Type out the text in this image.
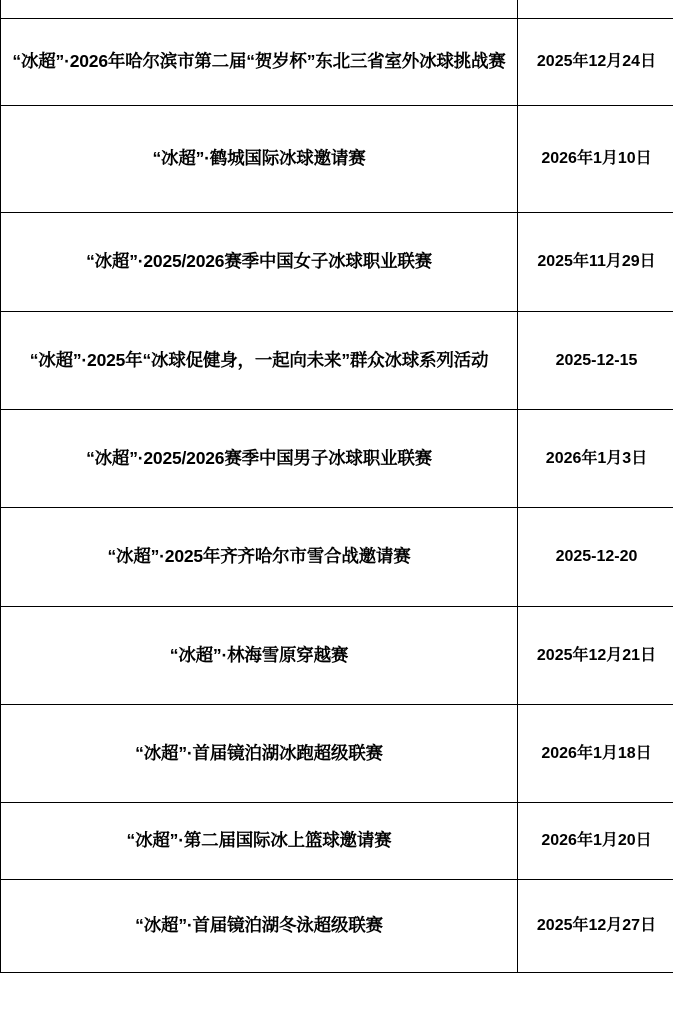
“冰超”·2026年哈尔滨市第二届“贺岁杯”东北三省室外冰球挑战赛	2025年12月24日
“冰超”·鹤城国际冰球邀请赛	2026年1月10日
“冰超”·2025/2026赛季中国女子冰球职业联赛	2025年11月29日
“冰超”·2025年“冰球促健身，一起向未来”群众冰球系列活动	2025-12-15
“冰超”·2025/2026赛季中国男子冰球职业联赛	2026年1月3日
“冰超”·2025年齐齐哈尔市雪合战邀请赛	2025-12-20
“冰超”·林海雪原穿越赛	2025年12月21日
“冰超”·首届镜泊湖冰跑超级联赛	2026年1月18日
“冰超”·第二届国际冰上篮球邀请赛	2026年1月20日
“冰超”·首届镜泊湖冬泳超级联赛	2025年12月27日
